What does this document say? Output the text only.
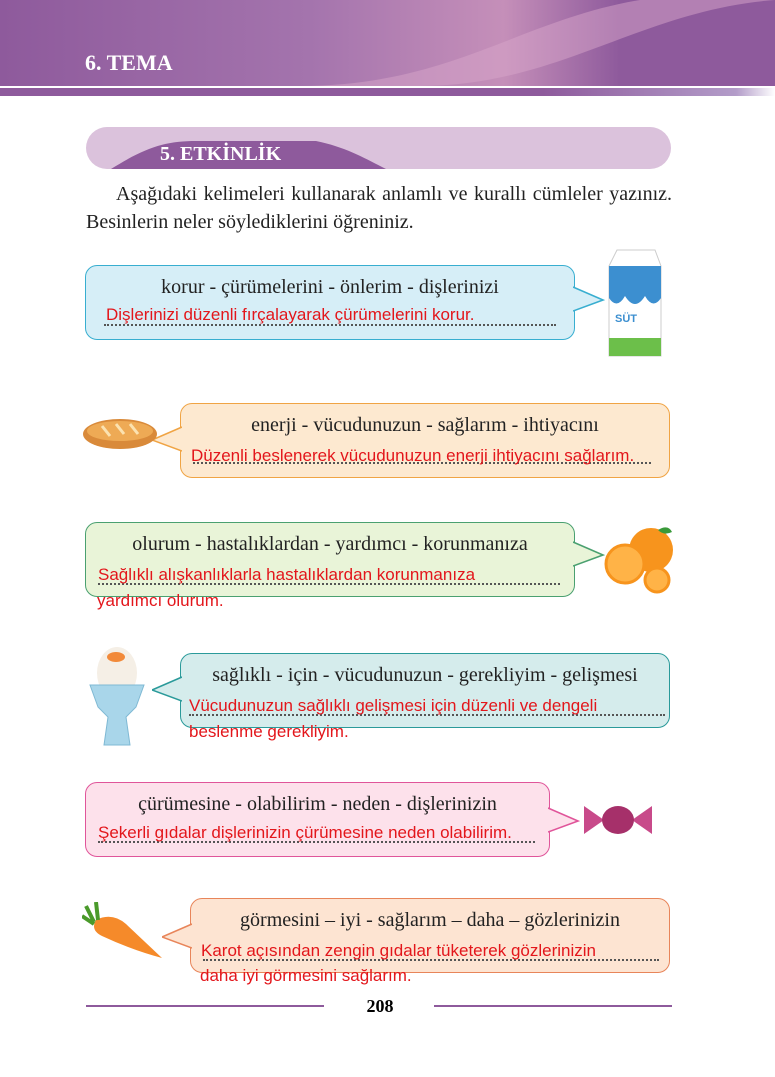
6. TEMA
5. ETKİNLİK
Aşağıdaki kelimeleri kullanarak anlamlı ve kurallı cümleler yazınız. Besinlerin neler söylediklerini öğreniniz.
korur - çürümelerini - önlerim - dişlerinizi
Dişlerinizi düzenli fırçalayarak çürümelerini korur.	SÜT
enerji - vücudunuzun - sağlarım - ihtiyacını
Düzenli beslenerek vücudunuzun enerji ihtiyacını sağlarım.
olurum - hastalıklardan - yardımcı - korunmanıza
Sağlıklı alışkanlıklarla hastalıklardan korunmanıza
yardımcı olurum.
sağlıklı - için - vücudunuzun - gerekliyim - gelişmesi
Vücudunuzun sağlıklı gelişmesi için düzenli ve dengeli
beslenme gerekliyim.
çürümesine - olabilirim - neden - dişlerinizin
Şekerli gıdalar dişlerinizin çürümesine neden olabilirim.
görmesini – iyi - sağlarım – daha – gözlerinizin
Karot açısından zengin gıdalar tüketerek gözlerinizin
daha iyi görmesini sağlarım.
208
